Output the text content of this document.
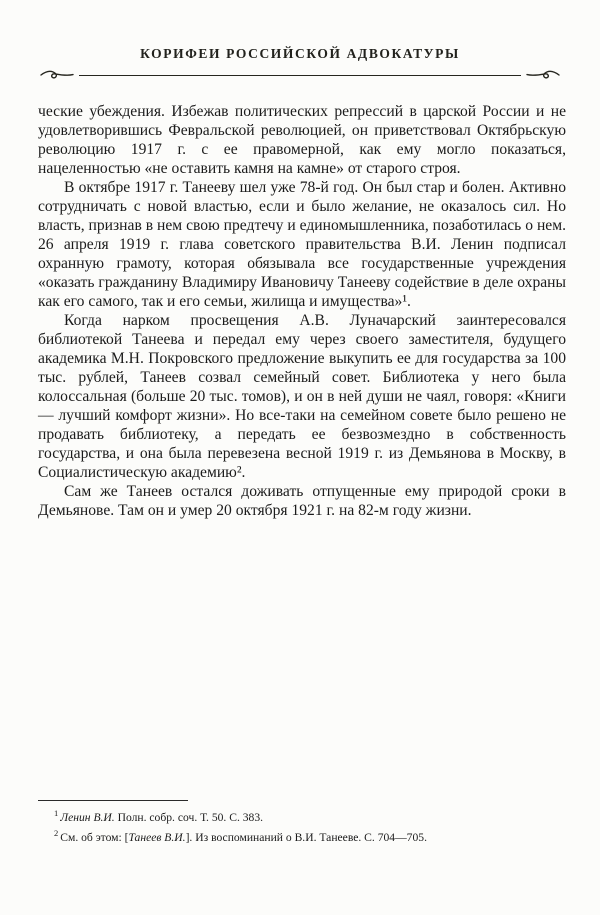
КОРИФЕИ РОССИЙСКОЙ АДВОКАТУРЫ

ческие убеждения. Избежав политических репрессий в царской России и не удовлетворившись Февральской революцией, он приветствовал Октябрьскую революцию 1917 г. с ее правомерной, как ему могло показаться, нацеленностью «не оставить камня на камне» от старого строя.

В октябре 1917 г. Танееву шел уже 78-й год. Он был стар и болен. Активно сотрудничать с новой властью, если и было желание, не оказалось сил. Но власть, признав в нем свою предтечу и единомышленника, позаботилась о нем. 26 апреля 1919 г. глава советского правительства В.И. Ленин подписал охранную грамоту, которая обязывала все государственные учреждения «оказать гражданину Владимиру Ивановичу Танееву содействие в деле охраны как его самого, так и его семьи, жилища и имущества»¹.

Когда нарком просвещения А.В. Луначарский заинтересовался библиотекой Танеева и передал ему через своего заместителя, будущего академика М.Н. Покровского предложение выкупить ее для государства за 100 тыс. рублей, Танеев созвал семейный совет. Библиотека у него была колоссальная (больше 20 тыс. томов), и он в ней души не чаял, говоря: «Книги — лучший комфорт жизни». Но все-таки на семейном совете было решено не продавать библиотеку, а передать ее безвозмездно в собственность государства, и она была перевезена весной 1919 г. из Демьянова в Москву, в Социалистическую академию².

Сам же Танеев остался доживать отпущенные ему природой сроки в Демьянове. Там он и умер 20 октября 1921 г. на 82-м году жизни.

$^1$ Ленин В.И. Полн. собр. соч. Т. 50. С. 383.
$^2$ См. об этом: [Танеев В.И.]. Из воспоминаний о В.И. Танееве. С. 704—705.
